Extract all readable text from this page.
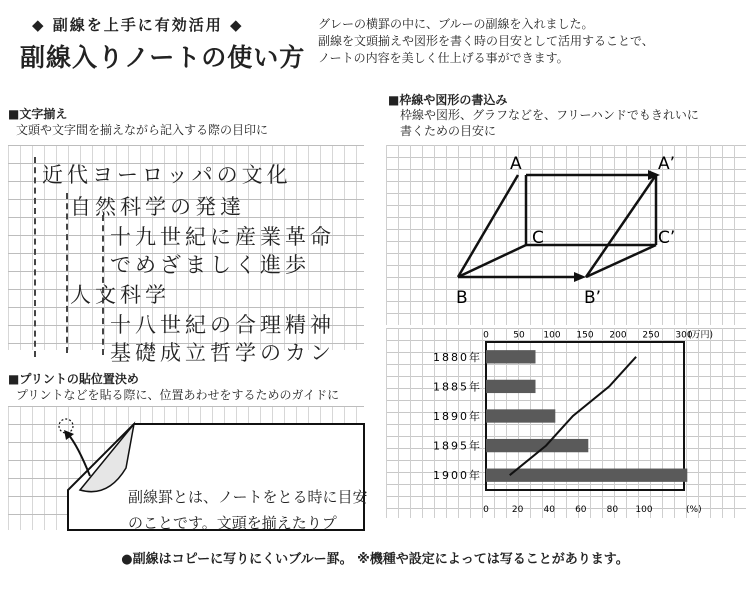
◆ 副線を上手に有効活用 ◆
副線入りノートの使い方
グレーの横罫の中に、ブルーの副線を入れました。
副線を文頭揃えや図形を書く時の目安として活用することで、
ノートの内容を美しく仕上げる事ができます。
■文字揃え
文頭や文字間を揃えながら記入する際の目印に
近代ヨーロッパの文化
自然科学の発達
十九世紀に産業革命
でめざましく進歩
人文科学
十八世紀の合理精神
基礎成立哲学のカン
■枠線や図形の書込み
枠線や図形、グラフなどを、フリーハンドでもきれいに
書くための目安に
A	A’
B	B’
C	C’
(万円)
(%)
0	50 100 150 200 250 300
0	20 40 60 80 100
1880年
1885年
1890年
1895年
1900年
■プリントの貼位置決め
プリントなどを貼る際に、位置あわせをするためのガイドに
副線罫とは、ノートをとる時に目安
のことです。文頭を揃えたりプ
●副線はコピーに写りにくいブルー罫。 ※機種や設定によっては写ることがあります。
